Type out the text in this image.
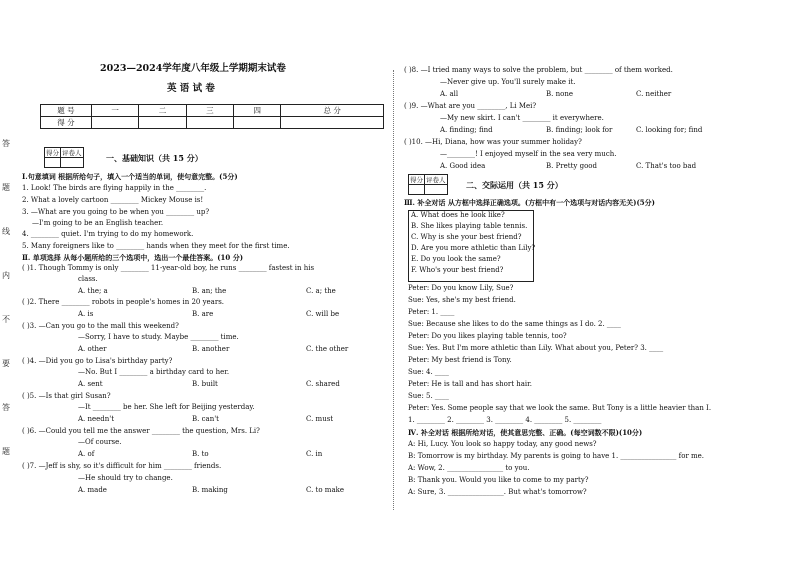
答
题
线
内
不
要
答
题
2023—2024学年度八年级上学期期末试卷
英 语 试 卷
题 号	一	二	三	四	总 分
得 分					
得分	评卷人
		一、基础知识（共 15 分）
Ⅰ.句意填词 根据所给句子，填入一个适当的单词，使句意完整。(5分)
1. Look! The birds are flying happily in the ________.
2. What a lovely cartoon ________ Mickey Mouse is!
3. —What are you going to be when you ________ up?
—I'm going to be an English teacher.
4. ________ quiet. I'm trying to do my homework.
5. Many foreigners like to ________ hands when they meet for the first time.
Ⅱ. 单项选择 从每小题所给的三个选项中，选出一个最佳答案。(10 分)
( )1. Though Tommy is only ________ 11-year-old boy, he runs ________ fastest in his
class.
A. the; a	B. an; the	C. a; the
( )2. There ________ robots in people's homes in 20 years.
A. is	B. are	C. will be
( )3. —Can you go to the mall this weekend?
—Sorry, I have to study. Maybe ________ time.
A. other	B. another	C. the other
( )4. —Did you go to Lisa's birthday party?
—No. But I ________ a birthday card to her.
A. sent	B. built	C. shared
( )5. —Is that girl Susan?
—It ________ be her. She left for Beijing yesterday.
A. needn't	B. can't	C. must
( )6. —Could you tell me the answer ________ the question, Mrs. Li?
—Of course.
A. of	B. to	C. in
( )7. —Jeff is shy, so it's difficult for him ________ friends.
—He should try to change.
A. made	B. making	C. to make
( )8. —I tried many ways to solve the problem, but ________ of them worked.
—Never give up. You'll surely make it.
A. all	B. none	C. neither
( )9. —What are you ________, Li Mei?
—My new skirt. I can't ________ it everywhere.
A. finding; find	B. finding; look for	C. looking for; find
( )10. —Hi, Diana, how was your summer holiday?
—________! I enjoyed myself in the sea very much.
A. Good idea	B. Pretty good	C. That's too bad
得分	评卷人
		二、交际运用（共 15 分）
Ⅲ. 补全对话 从方框中选择正确选项。(方框中有一个选项与对话内容无关)(5分)
A. What does he look like?
B. She likes playing table tennis.
C. Why is she your best friend?
D. Are you more athletic than Lily?
E. Do you look the same?
F. Who's your best friend?
Peter: Do you know Lily, Sue?
Sue: Yes, she's my best friend.
Peter: 1. ____
Sue: Because she likes to do the same things as I do. 2. ____
Peter: Do you likes playing table tennis, too?
Sue: Yes. But I'm more athletic than Lily. What about you, Peter? 3. ____
Peter: My best friend is Tony.
Sue: 4. ____
Peter: He is tall and has short hair.
Sue: 5. ____
Peter: Yes. Some people say that we look the same. But Tony is a little heavier than I.
1. ________ 2. ________ 3. ________ 4. ________ 5. ________
Ⅳ. 补全对话 根据所给对话，使其意思完整、正确。(每空词数不限)(10分)
A: Hi, Lucy. You look so happy today, any good news?
B: Tomorrow is my birthday. My parents is going to have 1. ________________ for me.
A: Wow, 2. ________________ to you.
B: Thank you. Would you like to come to my party?
A: Sure, 3. ________________. But what's tomorrow?
